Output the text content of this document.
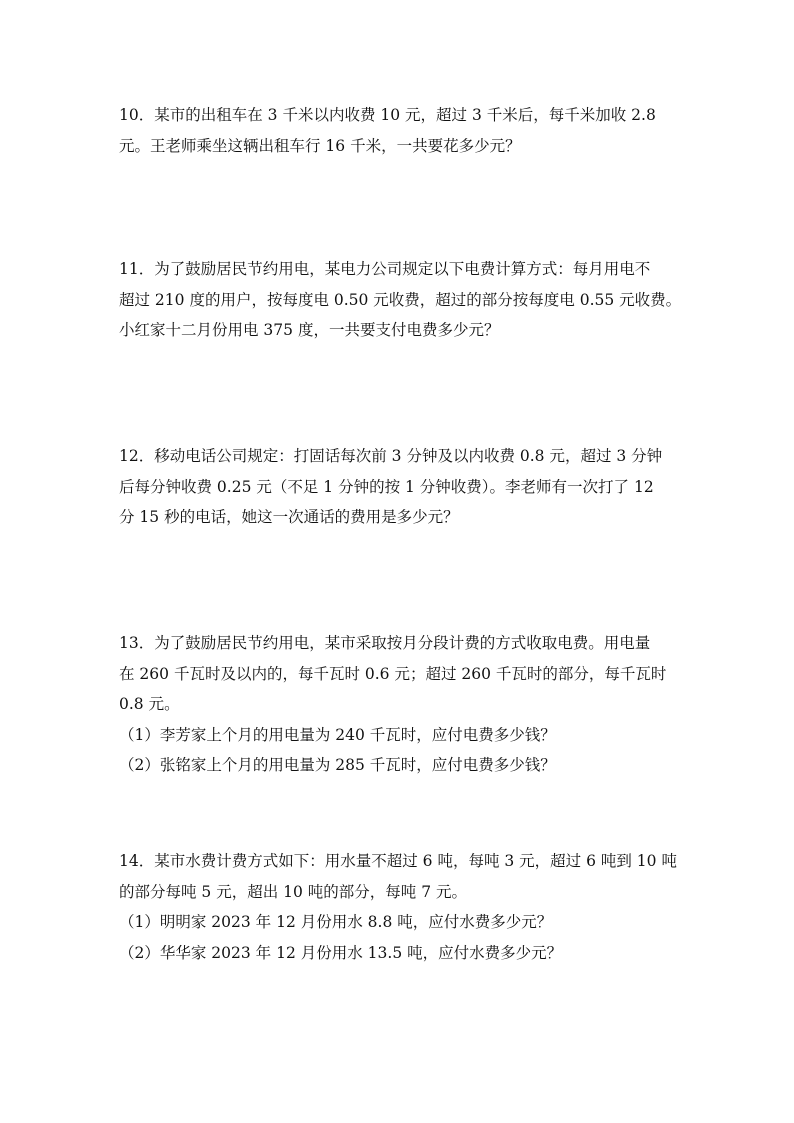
10．某市的出租车在 3 千米以内收费 10 元，超过 3 千米后，每千米加收 2.8
元。王老师乘坐这辆出租车行 16 千米，一共要花多少元？
11．为了鼓励居民节约用电，某电力公司规定以下电费计算方式：每月用电不
超过 210 度的用户，按每度电 0.50 元收费，超过的部分按每度电 0.55 元收费。
小红家十二月份用电 375 度，一共要支付电费多少元？
12．移动电话公司规定：打固话每次前 3 分钟及以内收费 0.8 元，超过 3 分钟
后每分钟收费 0.25 元（不足 1 分钟的按 1 分钟收费）。李老师有一次打了 12
分 15 秒的电话，她这一次通话的费用是多少元？
13．为了鼓励居民节约用电，某市采取按月分段计费的方式收取电费。用电量
在 260 千瓦时及以内的，每千瓦时 0.6 元；超过 260 千瓦时的部分，每千瓦时
0.8 元。
（1）李芳家上个月的用电量为 240 千瓦时，应付电费多少钱？
（2）张铭家上个月的用电量为 285 千瓦时，应付电费多少钱？
14．某市水费计费方式如下：用水量不超过 6 吨，每吨 3 元，超过 6 吨到 10 吨
的部分每吨 5 元，超出 10 吨的部分，每吨 7 元。
（1）明明家 2023 年 12 月份用水 8.8 吨，应付水费多少元？
（2）华华家 2023 年 12 月份用水 13.5 吨，应付水费多少元？
